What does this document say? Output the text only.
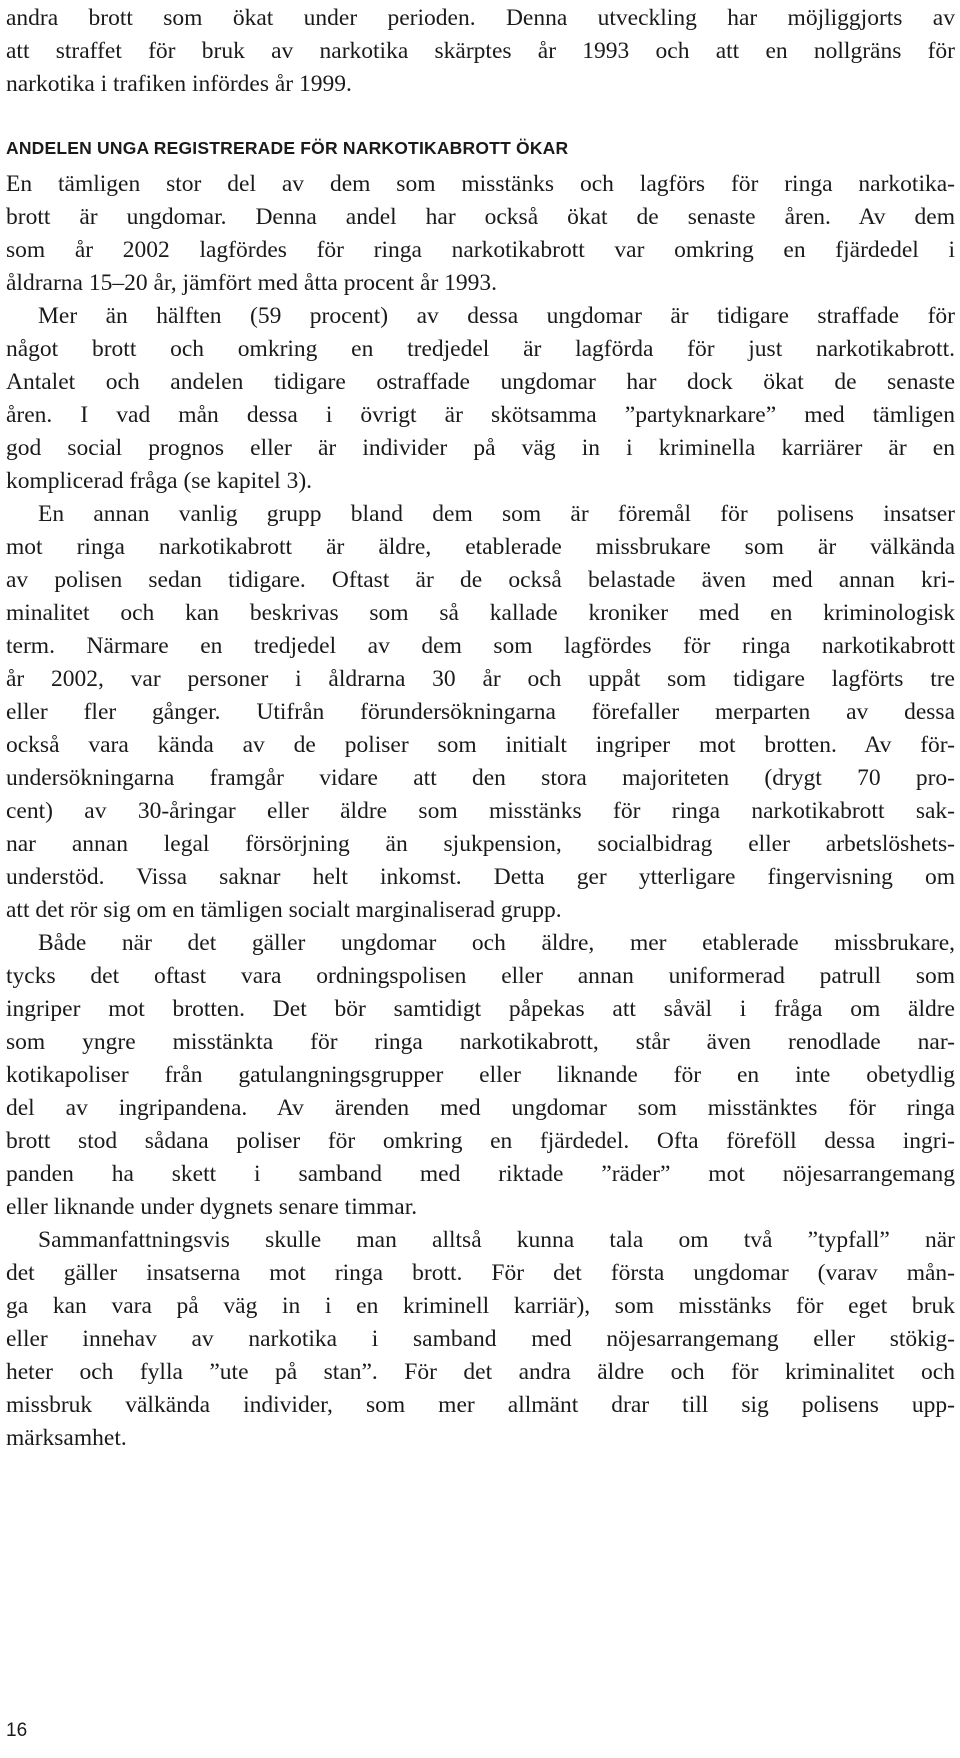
andra brott som ökat under perioden. Denna utveckling har möjliggjorts av
att straffet för bruk av narkotika skärptes år 1993 och att en nollgräns för
narkotika i trafiken infördes år 1999.
ANDELEN UNGA REGISTRERADE FÖR NARKOTIKABROTT ÖKAR
En tämligen stor del av dem som misstänks och lagförs för ringa narkotika-
brott är ungdomar. Denna andel har också ökat de senaste åren. Av dem
som år 2002 lagfördes för ringa narkotikabrott var omkring en fjärdedel i
åldrarna 15–20 år, jämfört med åtta procent år 1993.
Mer än hälften (59 procent) av dessa ungdomar är tidigare straffade för
något brott och omkring en tredjedel är lagförda för just narkotikabrott.
Antalet och andelen tidigare ostraffade ungdomar har dock ökat de senaste
åren. I vad mån dessa i övrigt är skötsamma ”partyknarkare” med tämligen
god social prognos eller är individer på väg in i kriminella karriärer är en
komplicerad fråga (se kapitel 3).
En annan vanlig grupp bland dem som är föremål för polisens insatser
mot ringa narkotikabrott är äldre, etablerade missbrukare som är välkända
av polisen sedan tidigare. Oftast är de också belastade även med annan kri-
minalitet och kan beskrivas som så kallade kroniker med en kriminologisk
term. Närmare en tredjedel av dem som lagfördes för ringa narkotikabrott
år 2002, var personer i åldrarna 30 år och uppåt som tidigare lagförts tre
eller fler gånger. Utifrån förundersökningarna förefaller merparten av dessa
också vara kända av de poliser som initialt ingriper mot brotten. Av för-
undersökningarna framgår vidare att den stora majoriteten (drygt 70 pro-
cent) av 30-åringar eller äldre som misstänks för ringa narkotikabrott sak-
nar annan legal försörjning än sjukpension, socialbidrag eller arbetslöshets-
understöd. Vissa saknar helt inkomst. Detta ger ytterligare fingervisning om
att det rör sig om en tämligen socialt marginaliserad grupp.
Både när det gäller ungdomar och äldre, mer etablerade missbrukare,
tycks det oftast vara ordningspolisen eller annan uniformerad patrull som
ingriper mot brotten. Det bör samtidigt påpekas att såväl i fråga om äldre
som yngre misstänkta för ringa narkotikabrott, står även renodlade nar-
kotikapoliser från gatulangningsgrupper eller liknande för en inte obetydlig
del av ingripandena. Av ärenden med ungdomar som misstänktes för ringa
brott stod sådana poliser för omkring en fjärdedel. Ofta föreföll dessa ingri-
panden ha skett i samband med riktade ”räder” mot nöjesarrangemang
eller liknande under dygnets senare timmar.
Sammanfattningsvis skulle man alltså kunna tala om två ”typfall” när
det gäller insatserna mot ringa brott. För det första ungdomar (varav mån-
ga kan vara på väg in i en kriminell karriär), som misstänks för eget bruk
eller innehav av narkotika i samband med nöjesarrangemang eller stökig-
heter och fylla ”ute på stan”. För det andra äldre och för kriminalitet och
missbruk välkända individer, som mer allmänt drar till sig polisens upp-
märksamhet.
16
